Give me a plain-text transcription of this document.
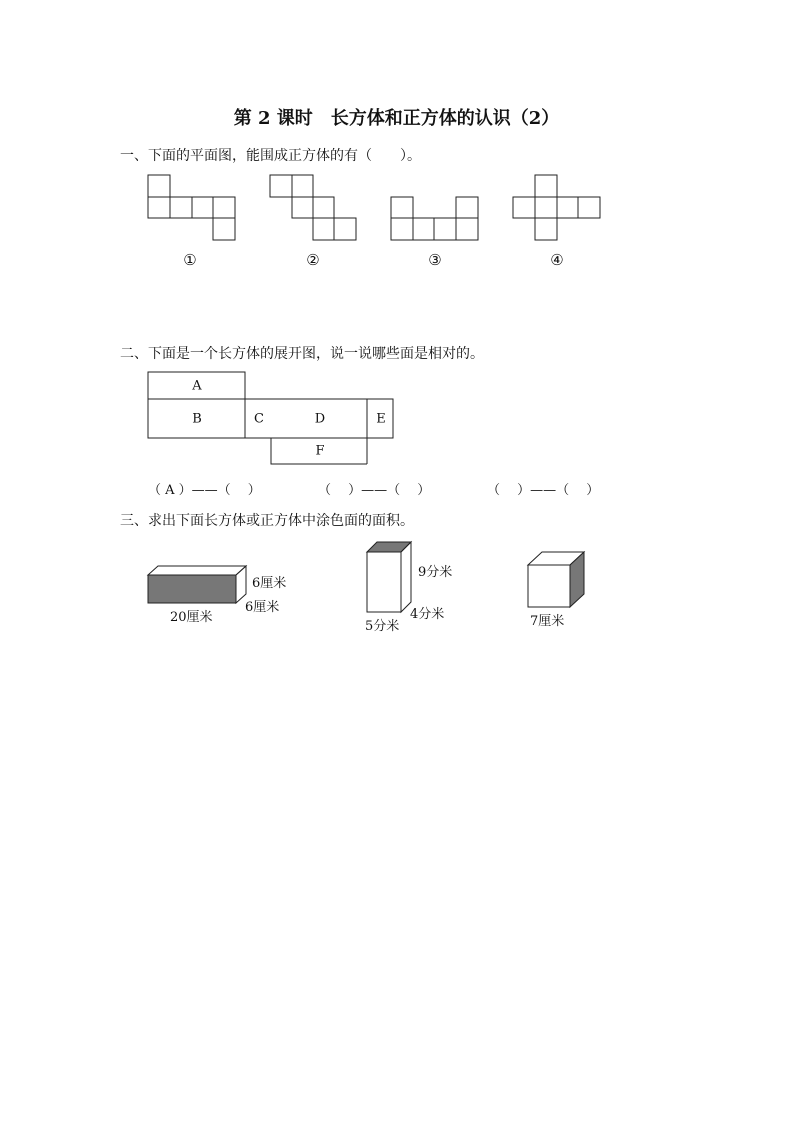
第 2 课时　长方体和正方体的认识（2）
一、下面的平面图，能围成正方体的有（　　）。
二、下面是一个长方体的展开图，说一说哪些面是相对的。
三、求出下面长方体或正方体中涂色面的面积。
①	②	③	④
A
B	C	D	E
F
（ A ）——（　 ）	（　 ）——（　 ）	（　 ）——（　 ）
6厘米
6厘米
20厘米
9分米
4分米
5分米	7厘米
